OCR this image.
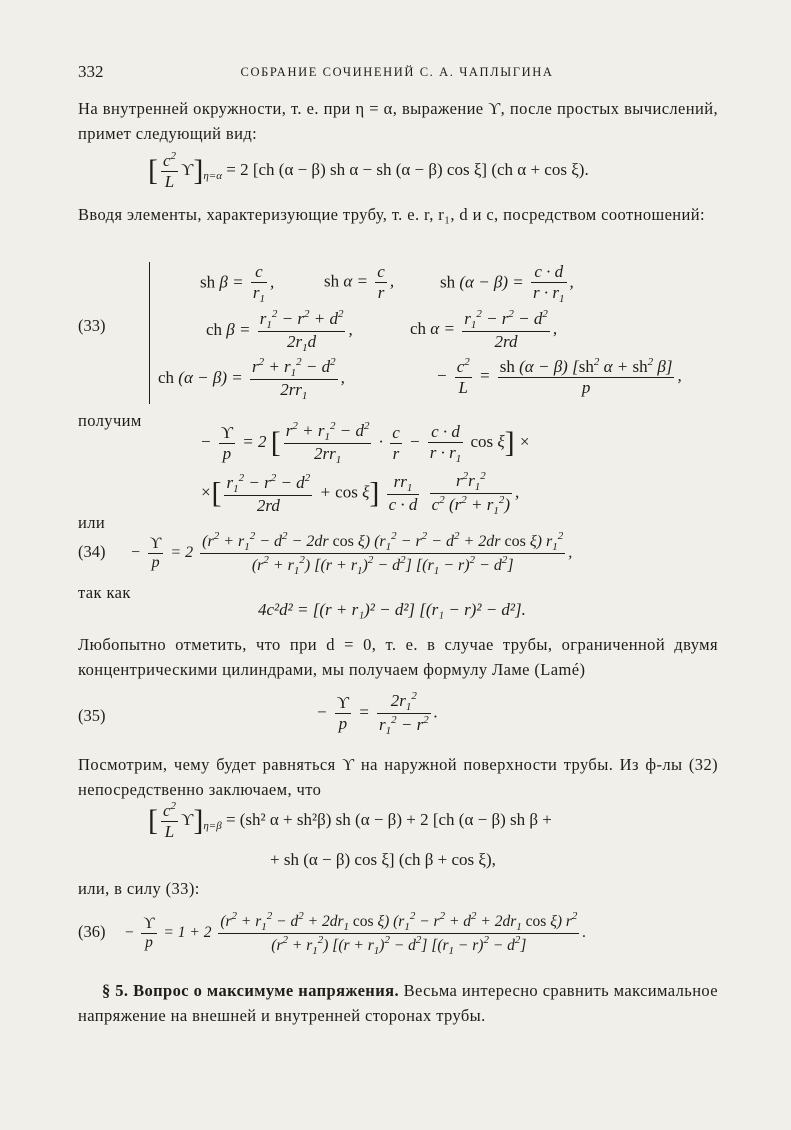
332	СОБРАНИЕ СОЧИНЕНИЙ С. А. ЧАПЛЫГИНА
На внутренней окружности, т. е. при η = α, выражение ϒ, после простых вычислений, примет следующий вид:
[ $\frac{c^2}{L} ϒ]_{\eta=\alpha} = 2$ [ch (α − β) sh α − sh (α − β) cos ξ] (ch α + cos ξ).
Вводя элементы, характеризующие трубу, т. е. r, r₁, d и c, посредством соотношений:
(33)
sh $\beta = \frac{c}{r_1}$ ,	sh $\alpha = \frac{c}{r}$ ,	sh $(\alpha - \beta) = \frac{c \cdot d}{r \cdot r_1}$ ,
ch $\beta = \frac{r_1^2 - r^2 + d^2}{2r_1d}$ ,	ch $\alpha = \frac{r_1^2 - r^2 - d^2}{2rd}$ ,
ch $(\alpha - \beta) = \frac{r^2 + r_1^2 - d^2}{2rr_1}$ ,	− $\frac{c^2}{L} = \frac{sh (\alpha - \beta) [sh^2 \alpha + sh^2 \beta]}{p}$ ,
получим
− $\frac{ϒ}{p} = 2$ [ $\frac{r^2 + r_1^2 - d^2}{2rr_1} \cdot \frac{c}{r} - \frac{c \cdot d}{r \cdot r_1}$ cos ξ] ×
×[ $\frac{r_1^2 - r^2 - d^2}{2rd} + \cos \xi] \frac{rr_1}{c \cdot d}$
$\frac{r^2r_1^2}{c^2 (r^2 + r_1^2)}$ ,
или
$(34) - \frac{ϒ}{p} = 2 \frac{(r^2 + r_1^2 - d^2 - 2dr \cos \xi) (r_1^2 - r^2 - d^2 + 2dr \cos \xi) r_1^2}{(r^2 + r_1^2) [(r + r_1)^2 - d^2] [(r_1 - r)^2 - d^2]}$ ,
так как
4c²d² = [(r + r₁)² − d²] [(r₁ − r)² − d²].
Любопытно отметить, что при d = 0, т. е. в случае трубы, ограниченной двумя концентрическими цилиндрами, мы получаем формулу Ламе (Lamé)
(35)	− $\frac{ϒ}{p} = \frac{2r_1^2}{r_1^2 - r^2}$ .
Посмотрим, чему будет равняться ϒ на наружной поверхности трубы. Из ф-лы (32) непосредственно заключаем, что
[ $\frac{c^2}{L} ϒ]_{\eta=\beta} = (sh^2$ α + sh²β) sh (α − β) + 2 [ch (α − β) sh β +
+ sh (α − β) cos ξ] (ch β + cos ξ),
или, в силу (33):
$(36) - \frac{ϒ}{p} = 1 + 2 \frac{(r^2 + r_1^2 - d^2 + 2dr_1 \cos \xi) (r_1^2 - r^2 + d^2 + 2dr_1 \cos \xi) r^2}{(r^2 + r_1^2) [(r + r_1)^2 - d^2] [(r_1 - r)^2 - d^2]}$ .
§ 5. Вопрос о максимуме напряжения. Весьма интересно сравнить максимальное напряжение на внешней и внутренней сторонах трубы.
